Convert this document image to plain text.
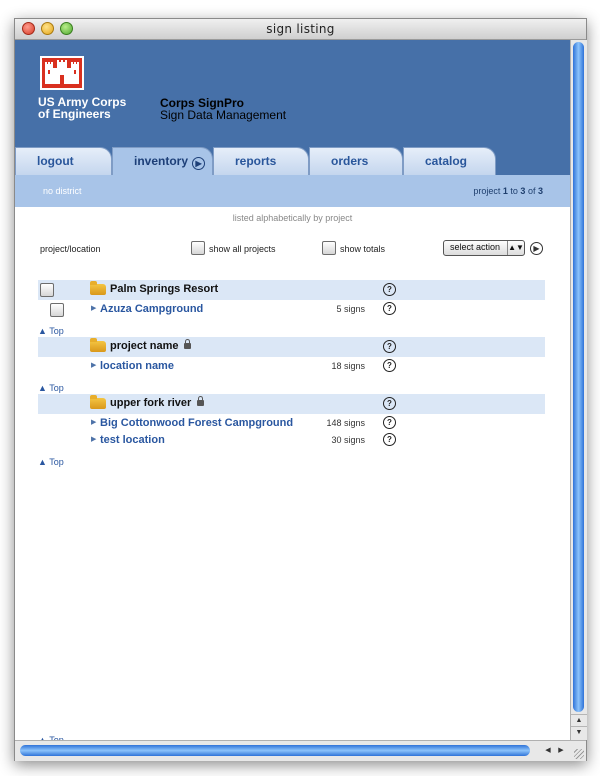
sign listing
US Army Corps
of Engineers
Corps SignPro
Sign Data Management
logout	inventory ▶	reports	orders	catalog
no district	project 1 to 3 of 3
listed alphabetically by project
project/location	show all projects	show totals	select action ▲▼	▶
Palm Springs Resort	?
▶ Azuza Campground	5 signs	?
▲ Top
project name	?
▶ location name	18 signs	?
▲ Top
upper fork river	?
▶ Big Cottonwood Forest Campground	148 signs	?
▶ test location	30 signs	?
▲ Top
▲
▼
◀	▶
